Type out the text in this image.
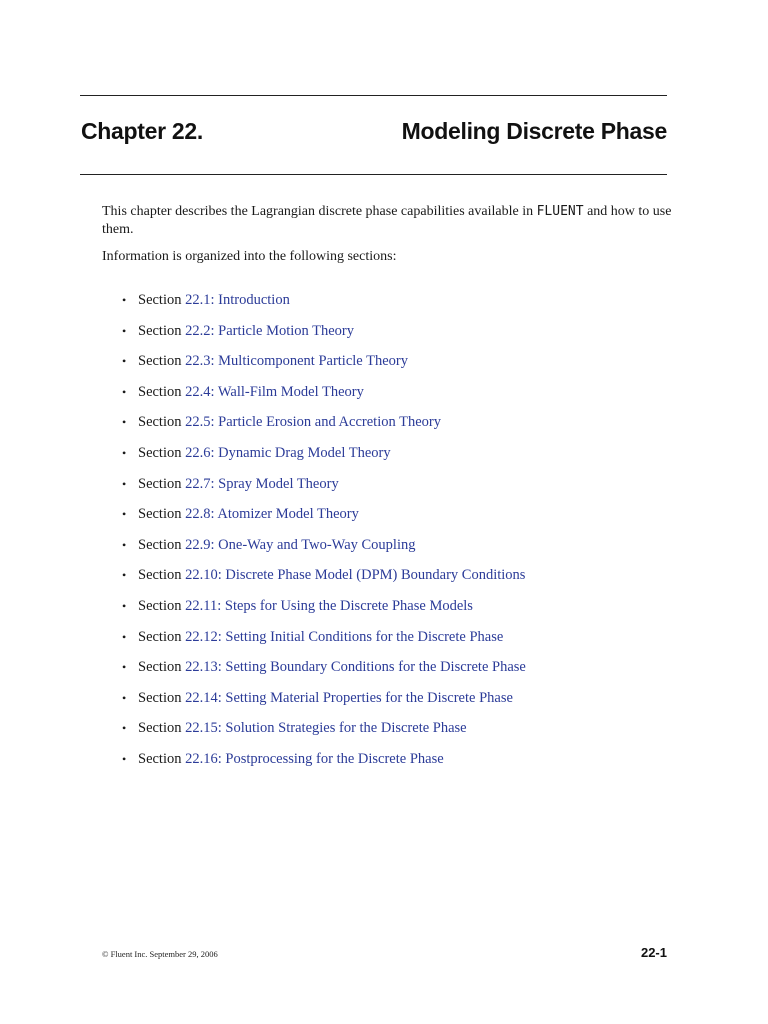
Chapter 22.	Modeling Discrete Phase

This chapter describes the Lagrangian discrete phase capabilities available in FLUENT and how to use them.

Information is organized into the following sections:

• Section 22.1: Introduction
• Section 22.2: Particle Motion Theory
• Section 22.3: Multicomponent Particle Theory
• Section 22.4: Wall-Film Model Theory
• Section 22.5: Particle Erosion and Accretion Theory
• Section 22.6: Dynamic Drag Model Theory
• Section 22.7: Spray Model Theory
• Section 22.8: Atomizer Model Theory
• Section 22.9: One-Way and Two-Way Coupling
• Section 22.10: Discrete Phase Model (DPM) Boundary Conditions
• Section 22.11: Steps for Using the Discrete Phase Models
• Section 22.12: Setting Initial Conditions for the Discrete Phase
• Section 22.13: Setting Boundary Conditions for the Discrete Phase
• Section 22.14: Setting Material Properties for the Discrete Phase
• Section 22.15: Solution Strategies for the Discrete Phase
• Section 22.16: Postprocessing for the Discrete Phase
© Fluent Inc. September 29, 2006	22-1
